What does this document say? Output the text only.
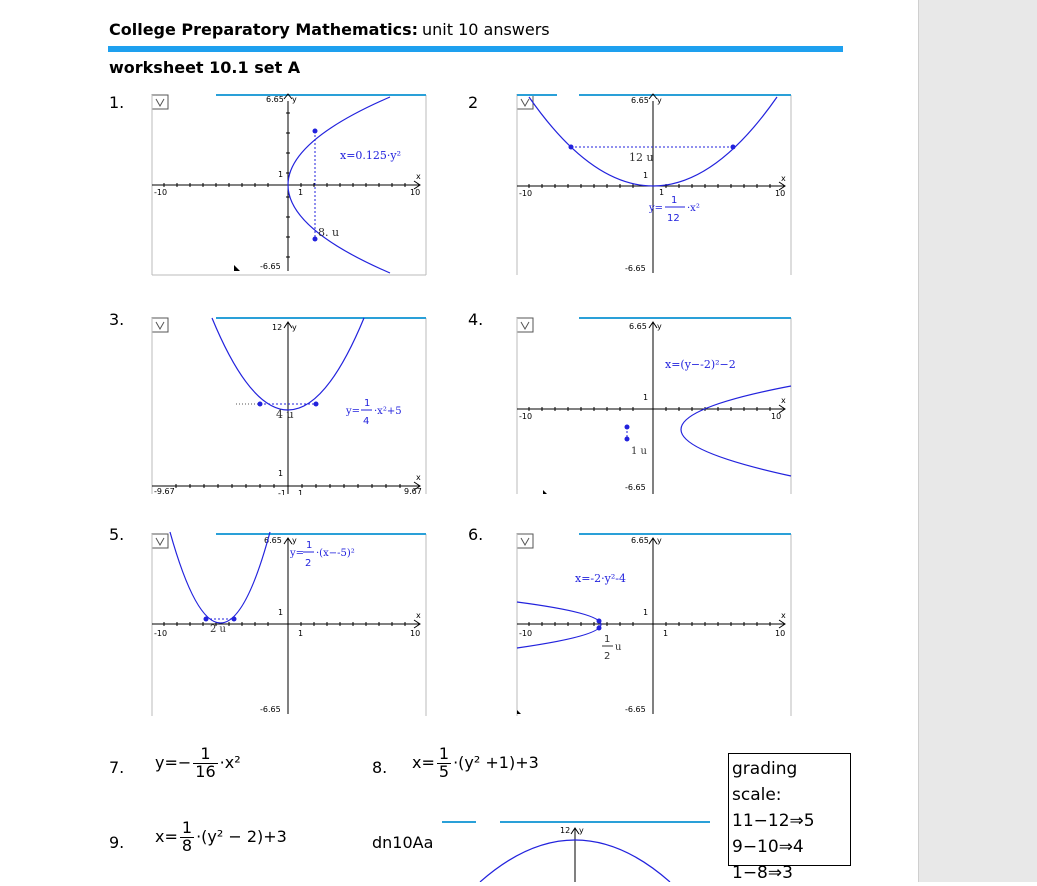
College Preparatory Mathematics: unit 10 answers
worksheet 10.1 set A
1.	2
3.	4.
5.	6.
-10	10
6.65
-6.65
y
x
1
1
x=0.125·y²
8. u
-10	10
6.65
-6.65
y
x
1
12 u
y=
1
12
·x²
1
-9.67	9.67
12 y
x
-1 1
1
4 u	y=
1
4
·x²+5	-10	10
6.65
-6.65
y
x
1
1 u
x=(y−-2)²−2
-10	10
6.65
-6.65
y
x
1
1
2 u
y=
1
2
·(x−-5)²
-10	10
6.65
-6.65
y
x
1
1
x=-2·y²-4
1
2
u
7. $y=- \frac{1}{16} \cdot x^2$	8. $x= \frac{1}{5} \cdot(y^2 +1)+3$
9. $x= \frac{1}{8} \cdot(y^2 - 2)+3$	dn10Aa
12 y
grading scale:
11−12⇒5
9−10⇒4
1−8⇒3
